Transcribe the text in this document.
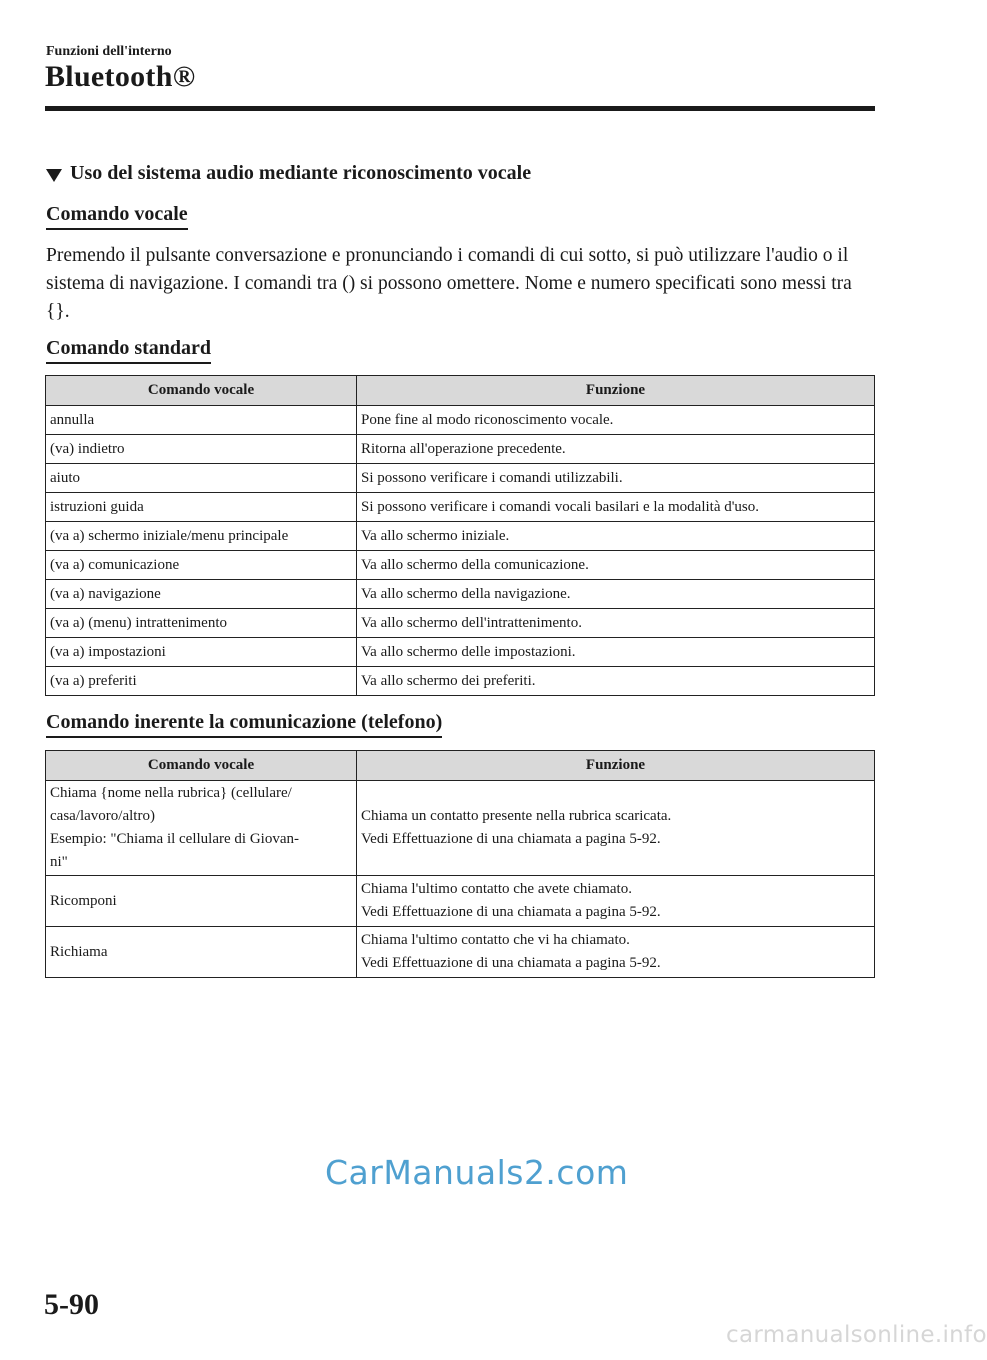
Funzioni dell'interno
Bluetooth®
Uso del sistema audio mediante riconoscimento vocale
Comando vocale
Premendo il pulsante conversazione e pronunciando i comandi di cui sotto, si può utilizzare l'audio o il sistema di navigazione. I comandi tra () si possono omettere. Nome e numero specificati sono messi tra {}.
Comando standard
Comando vocale	Funzione
annulla	Pone fine al modo riconoscimento vocale.
(va) indietro	Ritorna all'operazione precedente.
aiuto	Si possono verificare i comandi utilizzabili.
istruzioni guida	Si possono verificare i comandi vocali basilari e la modalità d'uso.
(va a) schermo iniziale/menu principale	Va allo schermo iniziale.
(va a) comunicazione	Va allo schermo della comunicazione.
(va a) navigazione	Va allo schermo della navigazione.
(va a) (menu) intrattenimento	Va allo schermo dell'intrattenimento.
(va a) impostazioni	Va allo schermo delle impostazioni.
(va a) preferiti	Va allo schermo dei preferiti.
Comando inerente la comunicazione (telefono)
Comando vocale	Funzione

Chiama {nome nella rubrica} (cellulare/
casa/lavoro/altro)
Esempio: "Chiama il cellulare di Giovan-
ni"	Chiama un contatto presente nella rubrica scaricata.
Vedi Effettuazione di una chiamata a pagina 5-92.

Ricomponi	Chiama l'ultimo contatto che avete chiamato.
Vedi Effettuazione di una chiamata a pagina 5-92.

Richiama	Chiama l'ultimo contatto che vi ha chiamato.
Vedi Effettuazione di una chiamata a pagina 5-92.
CarManuals2.com
5-90
carmanualsonline.info
